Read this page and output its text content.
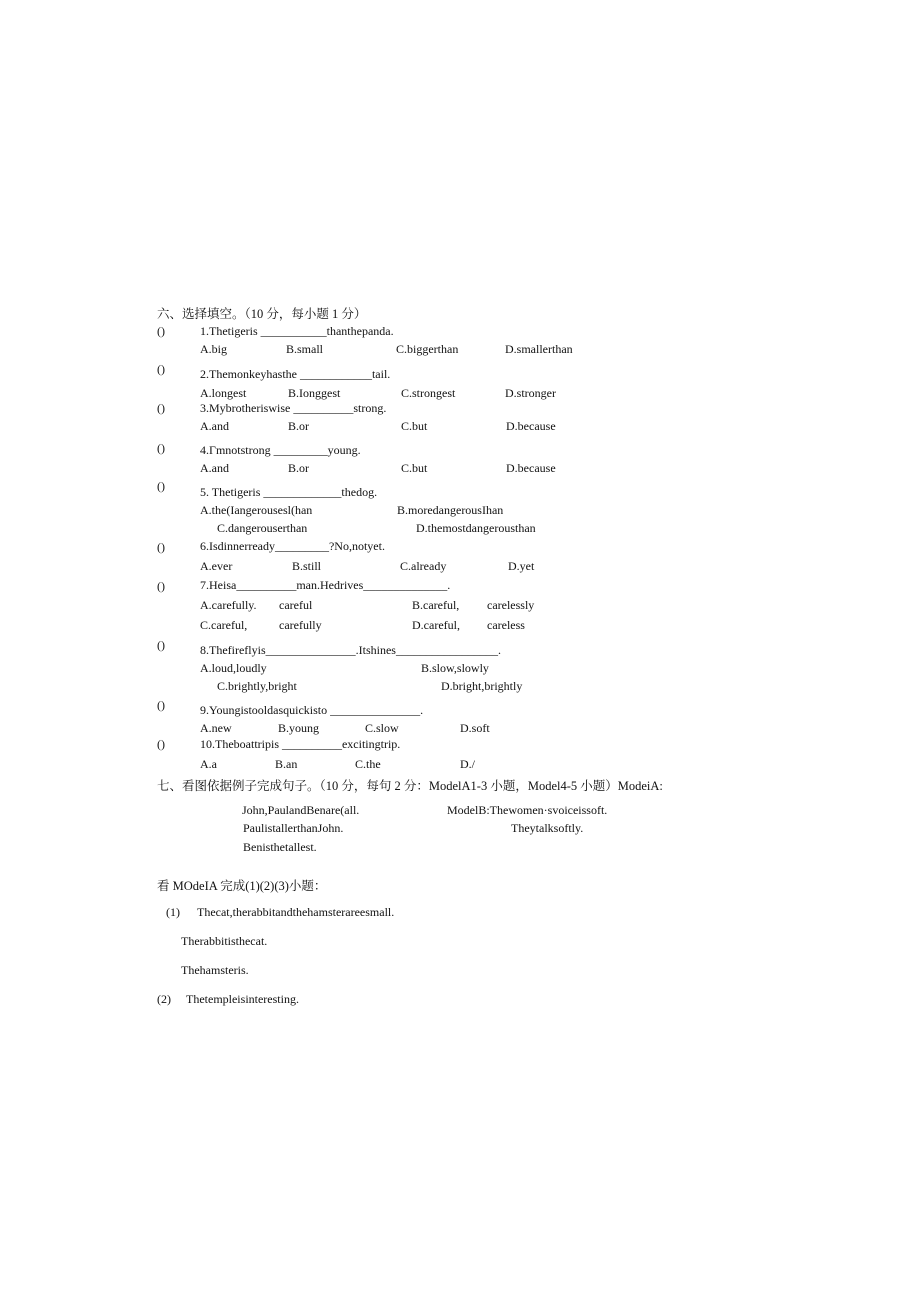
六、选择填空。（10 分，每小题 1 分）
()	1.Thetigeris ___________thanthepanda.
A.big	B.small	C.biggerthan	D.smallerthan
()	2.Themonkeyhasthe ____________tail.
A.longest	B.Ionggest	C.strongest	D.stronger
()	3.Mybrotheriswise __________strong.
A.and	B.or	C.but	D.because
()	4.Γmnotstrong _________young.
A.and	B.or	C.but	D.because
()	5. Thetigeris _____________thedog.
A.the(Iangerousesl(han	B.moredangerousIhan
C.dangerouserthan	D.themostdangerousthan
()	6.Isdinnerready_________?No,notyet.
A.ever	B.still	C.already	D.yet
()	7.Heisa__________man.Hedrives______________.
A.carefully. careful	B.careful, carelessly
C.careful,	carefully	D.careful, careless
()	8.Thefireflyis_______________.Itshines_________________.
A.loud,loudly	B.slow,slowly
C.brightly,bright	D.bright,brightly
()	9.Youngistooldasquickisto _______________.
A.new	B.young	C.slow	D.soft
()	10.Theboattripis __________excitingtrip.
A.a	B.an	C.the	D./
七、看图依据例子完成句子。（10 分，每句 2 分：ModelA1-3 小题，Model4-5 小题）ModeiA:
John,PaulandBenare(all.	ModelB:Thewomen·svoiceissoft.
PaulistallerthanJohn.	Theytalksoftly.
Benisthetallest.
看 MOdeIA 完成(1)(2)(3)小题：
(1) Thecat,therabbitandthehamsterareesmall.
Therabbitisthecat.
Thehamsteris.
(2) Thetempleisinteresting.
